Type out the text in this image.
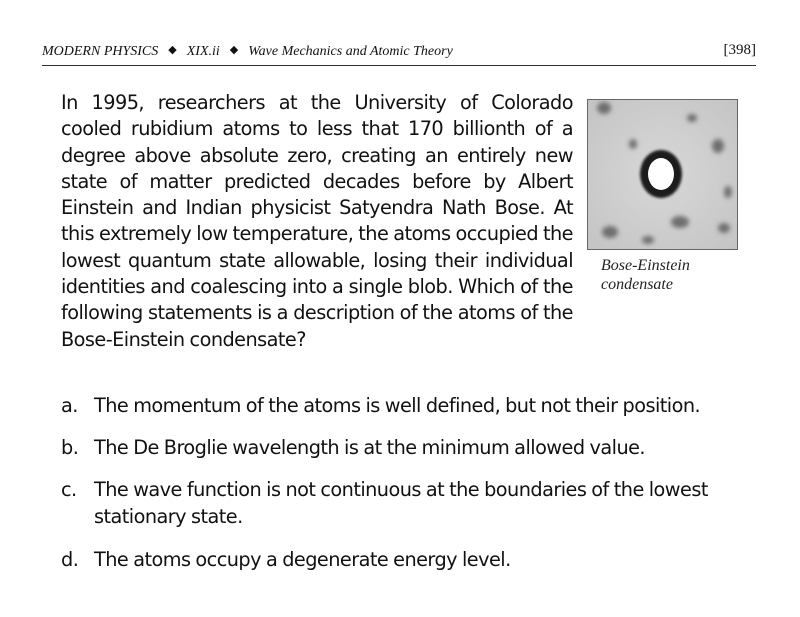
MODERN PHYSICS ◆ XIX.ii ◆ Wave Mechanics and Atomic Theory	[398]

In 1995, researchers at the University of Colorado cooled rubidium atoms to less that 170 billionth of a degree above absolute zero, creating an entirely new state of matter predicted decades before by Albert Einstein and Indian physicist Satyendra Nath Bose. At this extremely low temperature, the atoms occupied the lowest quantum state allowable, losing their individual identities and coalescing into a single blob. Which of the following statements is a description of the atoms of the Bose-Einstein condensate?

Bose-Einstein
condensate
a. The momentum of the atoms is well defined, but not their position.
b. The De Broglie wavelength is at the minimum allowed value.
c. The wave function is not continuous at the boundaries of the lowest stationary state.
d. The atoms occupy a degenerate energy level.
